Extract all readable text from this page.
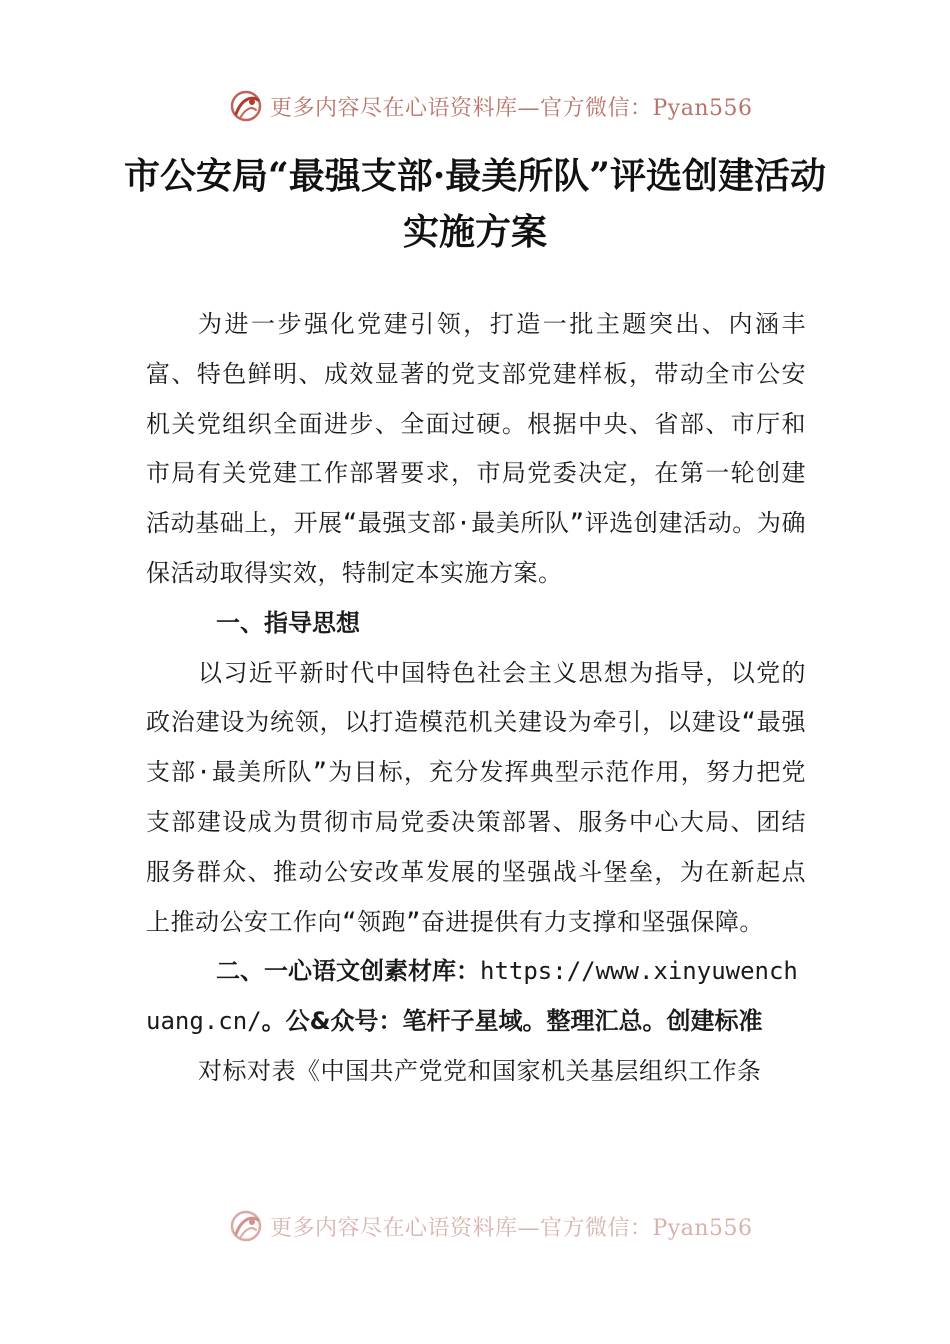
更多内容尽在心语资料库—官方微信：Pyan556
市公安局“最强支部·最美所队”评选创建活动实施方案

为进一步强化党建引领，打造一批主题突出、内涵丰富、特色鲜明、成效显著的党支部党建样板，带动全市公安机关党组织全面进步、全面过硬。根据中央、省部、市厅和市局有关党建工作部署要求，市局党委决定，在第一轮创建活动基础上，开展“最强支部·最美所队”评选创建活动。为确保活动取得实效，特制定本实施方案。

一、指导思想

以习近平新时代中国特色社会主义思想为指导，以党的政治建设为统领，以打造模范机关建设为牵引，以建设“最强支部·最美所队”为目标，充分发挥典型示范作用，努力把党支部建设成为贯彻市局党委决策部署、服务中心大局、团结服务群众、推动公安改革发展的坚强战斗堡垒，为在新起点上推动公安工作向“领跑”奋进提供有力支撑和坚强保障。

二、一心语文创素材库：https://www.xinyuwenchuang.cn/。公&众号：笔杆子星域。整理汇总。创建标准

对标对表《中国共产党党和国家机关基层组织工作条

更多内容尽在心语资料库—官方微信：Pyan556
